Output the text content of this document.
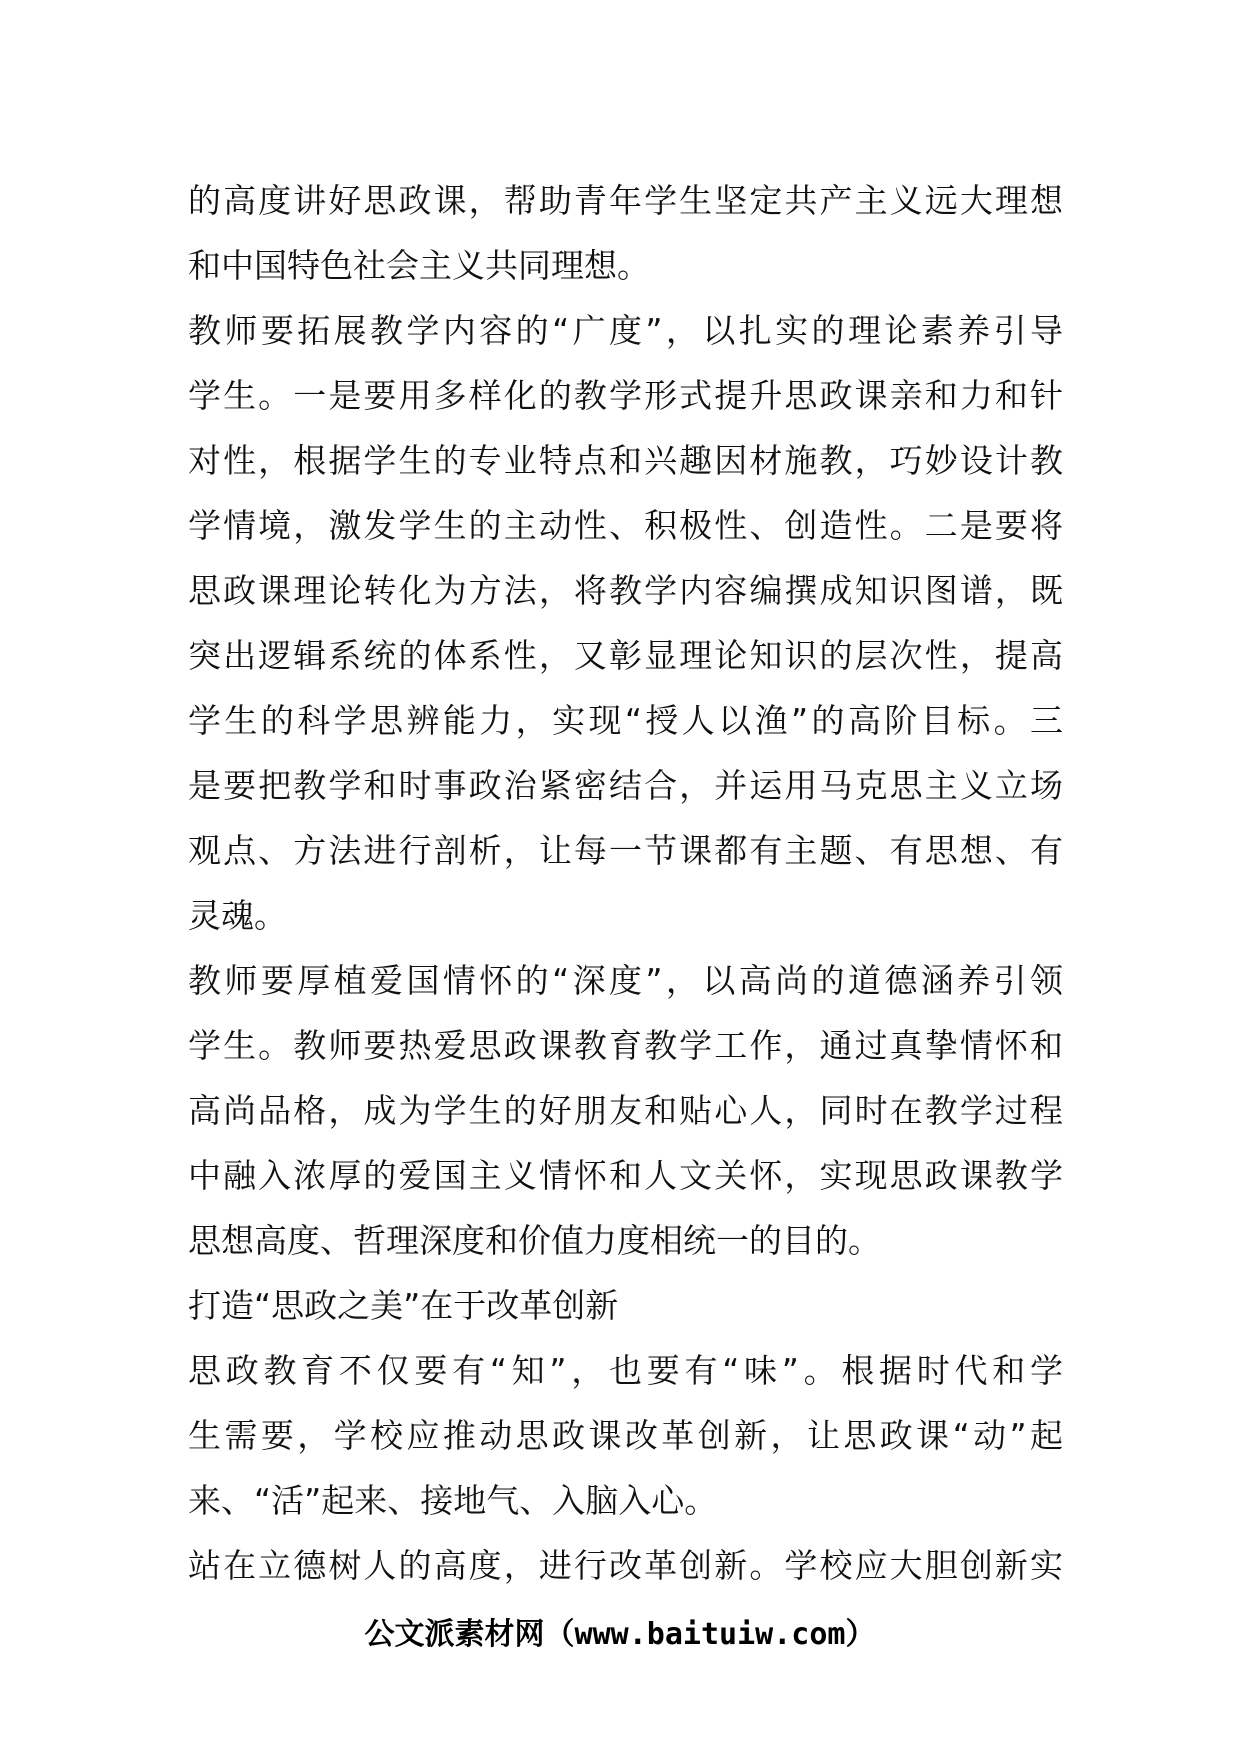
的高度讲好思政课，帮助青年学生坚定共产主义远大理想
和中国特色社会主义共同理想。
教师要拓展教学内容的“广度”，以扎实的理论素养引导
学生。一是要用多样化的教学形式提升思政课亲和力和针
对性，根据学生的专业特点和兴趣因材施教，巧妙设计教
学情境，激发学生的主动性、积极性、创造性。二是要将
思政课理论转化为方法，将教学内容编撰成知识图谱，既
突出逻辑系统的体系性，又彰显理论知识的层次性，提高
学生的科学思辨能力，实现“授人以渔”的高阶目标。三
是要把教学和时事政治紧密结合，并运用马克思主义立场
观点、方法进行剖析，让每一节课都有主题、有思想、有
灵魂。
教师要厚植爱国情怀的“深度”，以高尚的道德涵养引领
学生。教师要热爱思政课教育教学工作，通过真挚情怀和
高尚品格，成为学生的好朋友和贴心人，同时在教学过程
中融入浓厚的爱国主义情怀和人文关怀，实现思政课教学
思想高度、哲理深度和价值力度相统一的目的。
打造“思政之美”在于改革创新
思政教育不仅要有“知”，也要有“味”。根据时代和学
生需要，学校应推动思政课改革创新，让思政课“动”起
来、“活”起来、接地气、入脑入心。
站在立德树人的高度，进行改革创新。学校应大胆创新实
公文派素材网（www.baituiw.com）
